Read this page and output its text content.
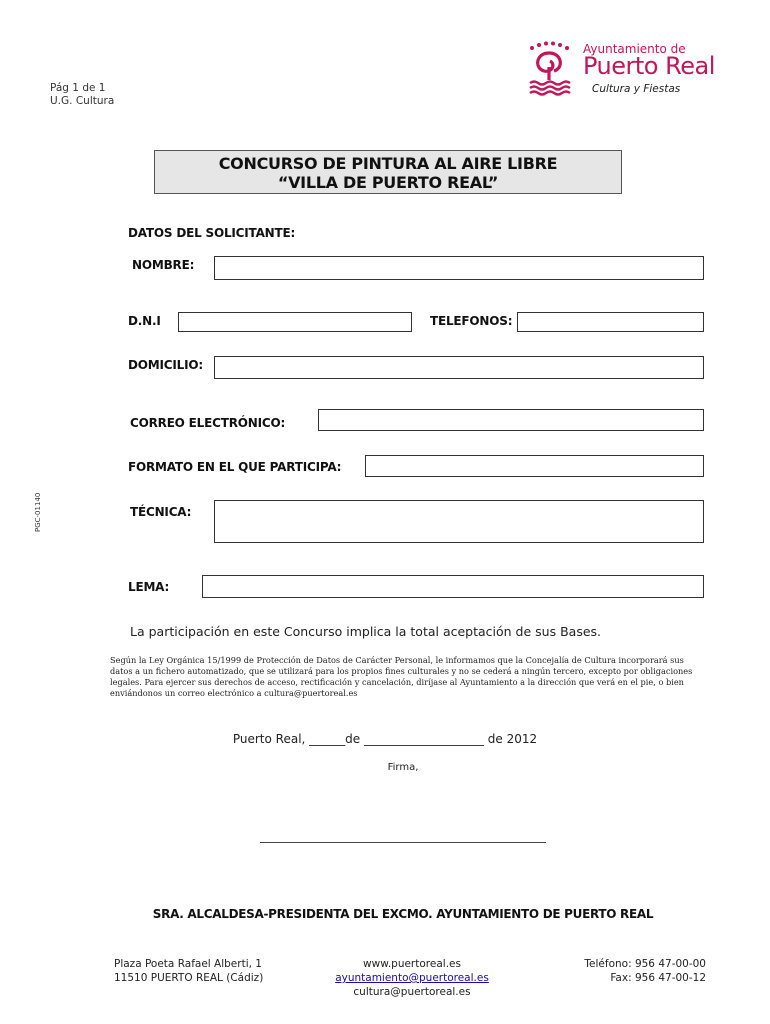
Pág 1 de 1
U.G. Cultura
Ayuntamiento de
Puerto Real
Cultura y Fiestas
CONCURSO DE PINTURA AL AIRE LIBRE
“VILLA DE PUERTO REAL”
DATOS DEL SOLICITANTE:
NOMBRE:
D.N.I	TELEFONOS:
DOMICILIO:
CORREO ELECTRÓNICO:
FORMATO EN EL QUE PARTICIPA:
TÉCNICA:
LEMA:
PGC-01140
La participación en este Concurso implica la total aceptación de sus Bases.
Según la Ley Orgánica 15/1999 de Protección de Datos de Carácter Personal, le informamos que la Concejalía de Cultura incorporará sus datos a un fichero automatizado, que se utilizará para los propios fines culturales y no se cederá a ningún tercero, excepto por obligaciones legales. Para ejercer sus derechos de acceso, rectificación y cancelación, diríjase al Ayuntamiento a la dirección que verá en el pie, o bien enviándonos un correo electrónico a cultura@puertoreal.es
Puerto Real, ______de ____________________ de 2012
Firma,
SRA. ALCALDESA-PRESIDENTA DEL EXCMO. AYUNTAMIENTO DE PUERTO REAL
Plaza Poeta Rafael Alberti, 1
11510 PUERTO REAL (Cádiz)
www.puertoreal.es
ayuntamiento@puertoreal.es
cultura@puertoreal.es
Teléfono: 956 47-00-00
Fax: 956 47-00-12
